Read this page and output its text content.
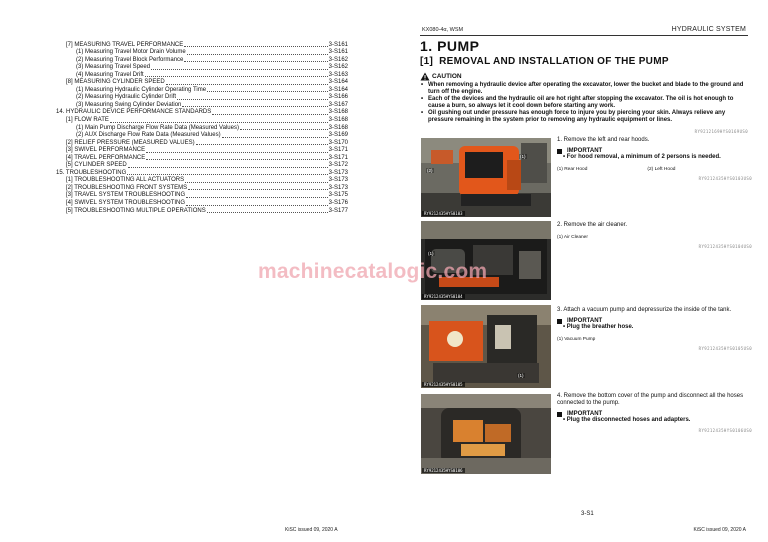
[7] MEASURING TRAVEL PERFORMANCE	3-S161
(1) Measuring Travel Motor Drain Volume	3-S161
(2) Measuring Travel Block Performance	3-S162
(3) Measuring Travel Speed	3-S162
(4) Measuring Travel Drift	3-S163
[8] MEASURING CYLINDER SPEED	3-S164
(1) Measuring Hydraulic Cylinder Operating Time	3-S164
(2) Measuring Hydraulic Cylinder Drift	3-S166
(3) Measuring Swing Cylinder Deviation	3-S167
14. HYDRAULIC DEVICE PERFORMANCE STANDARDS	3-S168
[1] FLOW RATE	3-S168
(1) Main Pump Discharge Flow Rate Data (Measured Values)	3-S168
(2) AUX Discharge Flow Rate Data (Measured Values)	3-S169
[2] RELIEF PRESSURE (MEASURED VALUES)	3-S170
[3] SWIVEL PERFORMANCE	3-S171
[4] TRAVEL PERFORMANCE	3-S171
[5] CYLINDER SPEED	3-S172
15. TROUBLESHOOTING	3-S173
[1] TROUBLESHOOTING ALL ACTUATORS	3-S173
[2] TROUBLESHOOTING FRONT SYSTEMS	3-S173
[3] TRAVEL SYSTEM TROUBLESHOOTING	3-S175
[4] SWIVEL SYSTEM TROUBLESHOOTING	3-S176
[5] TROUBLESHOOTING MULTIPLE OPERATIONS	3-S177
KiSC issued 09, 2020 A
KX080-4α, WSM	HYDRAULIC SYSTEM
1. PUMP
[1] REMOVAL AND INSTALLATION OF THE PUMP
CAUTION
• When removing a hydraulic device after operating the excavator, lower the bucket and blade to the ground and turn off the engine.
• Each of the devices and the hydraulic oil are hot right after stopping the excavator. The oil is hot enough to cause a burn, so always let it cool down before starting any work.
• Oil gushing out under pressure has enough force to injure you by piercing your skin. Always relieve any pressure remaining in the system prior to removing any hydraulic equipment or lines.
RY9212169HYS0169US0
(1)
(2)
RY9212435HYS0103
1. Remove the left and rear hoods.
IMPORTANT
• For hood removal, a minimum of 2 persons is needed.
(1) Rear Hood	(2) Left Hood
RY9212435HYS0103US0
(1)
RY9212435HYS0104
2. Remove the air cleaner.
(1) Air Cleaner
RY9212435HYS0104US0
(1)
RY9212435HYS0105
3. Attach a vacuum pump and depressurize the inside of the tank.
IMPORTANT
• Plug the breather hose.
(1) Vacuum Pump
RY9212435HYS0105US0
RY9212435HYS0106
4. Remove the bottom cover of the pump and disconnect all the hoses connected to the pump.
IMPORTANT
• Plug the disconnected hoses and adapters.
RY9212435HYS0106US0
3-S1
KiSC issued 09, 2020 A
machinecatalogic.com
